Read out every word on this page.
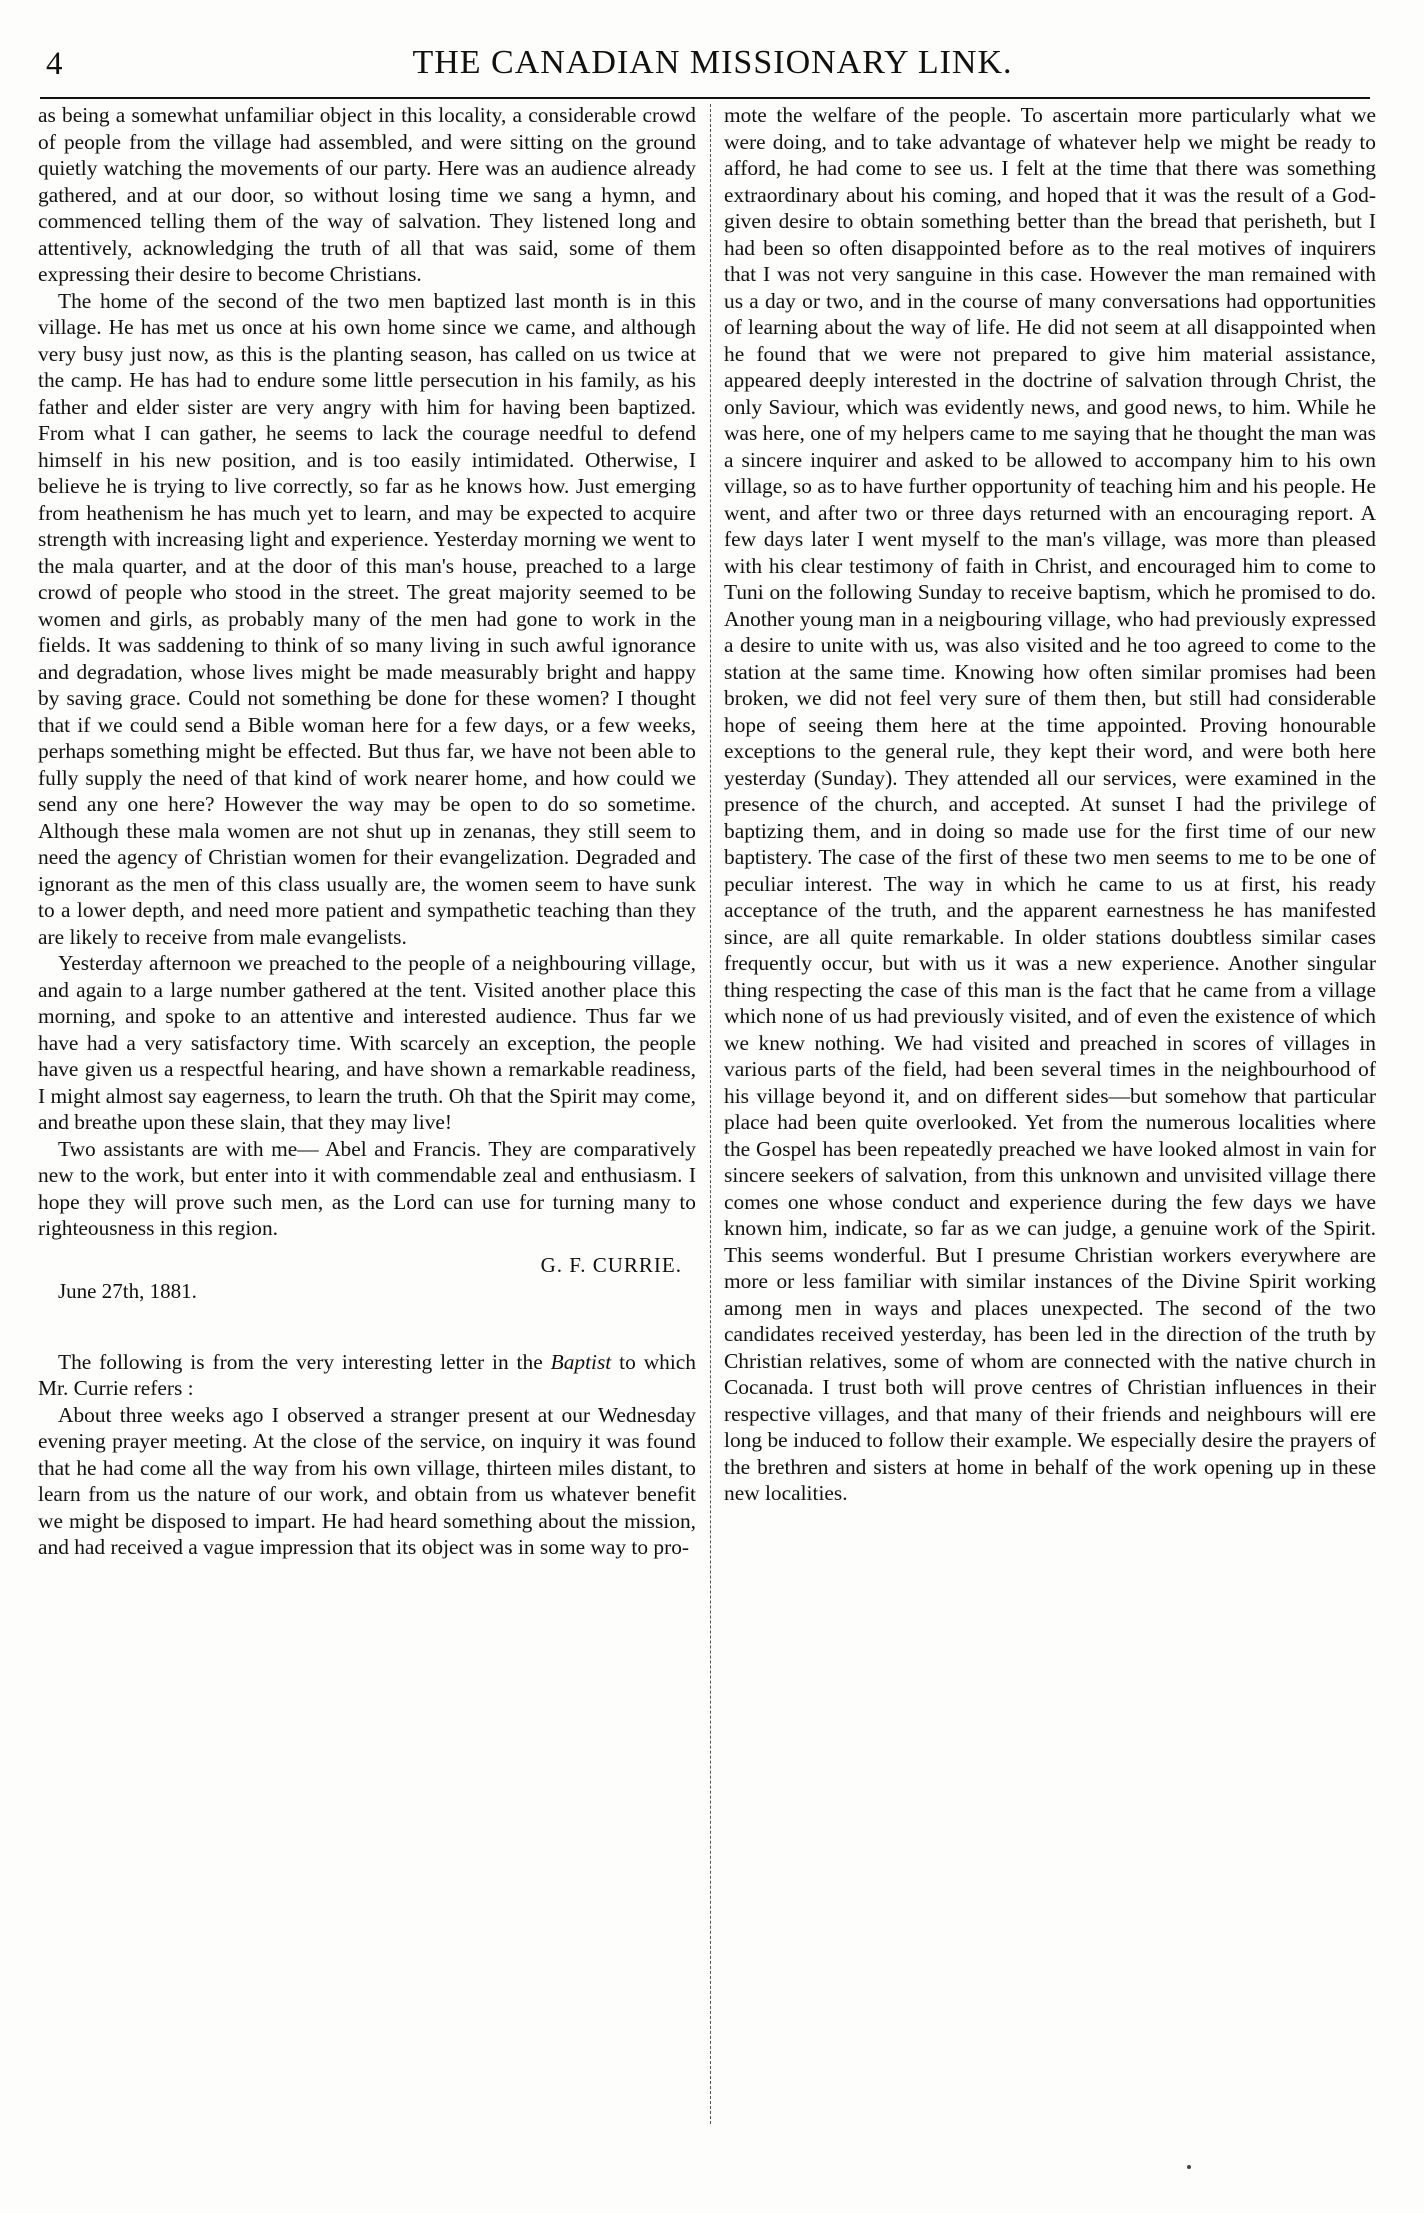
4	THE CANADIAN MISSIONARY LINK.

as being a somewhat unfamiliar object in this locality, a considerable crowd of people from the village had assembled, and were sitting on the ground quietly watching the movements of our party. Here was an audience already gathered, and at our door, so without losing time we sang a hymn, and commenced telling them of the way of salvation. They listened long and attentively, acknowledging the truth of all that was said, some of them expressing their desire to become Christians.

The home of the second of the two men baptized last month is in this village. He has met us once at his own home since we came, and although very busy just now, as this is the planting season, has called on us twice at the camp. He has had to endure some little persecution in his family, as his father and elder sister are very angry with him for having been baptized. From what I can gather, he seems to lack the courage needful to defend himself in his new position, and is too easily intimidated. Otherwise, I believe he is trying to live correctly, so far as he knows how. Just emerging from heathenism he has much yet to learn, and may be expected to acquire strength with increasing light and experience. Yesterday morning we went to the mala quarter, and at the door of this man's house, preached to a large crowd of people who stood in the street. The great majority seemed to be women and girls, as probably many of the men had gone to work in the fields. It was saddening to think of so many living in such awful ignorance and degradation, whose lives might be made measurably bright and happy by saving grace. Could not something be done for these women? I thought that if we could send a Bible woman here for a few days, or a few weeks, perhaps something might be effected. But thus far, we have not been able to fully supply the need of that kind of work nearer home, and how could we send any one here? However the way may be open to do so sometime. Although these mala women are not shut up in zenanas, they still seem to need the agency of Christian women for their evangelization. Degraded and ignorant as the men of this class usually are, the women seem to have sunk to a lower depth, and need more patient and sympathetic teaching than they are likely to receive from male evangelists.

Yesterday afternoon we preached to the people of a neighbouring village, and again to a large number gathered at the tent. Visited another place this morning, and spoke to an attentive and interested audience. Thus far we have had a very satisfactory time. With scarcely an exception, the people have given us a respectful hearing, and have shown a remarkable readiness, I might almost say eagerness, to learn the truth. Oh that the Spirit may come, and breathe upon these slain, that they may live!

Two assistants are with me— Abel and Francis. They are comparatively new to the work, but enter into it with commendable zeal and enthusiasm. I hope they will prove such men, as the Lord can use for turning many to righteousness in this region.

G. F. CURRIE.

June 27th, 1881.

The following is from the very interesting letter in the Baptist to which Mr. Currie refers :

About three weeks ago I observed a stranger present at our Wednesday evening prayer meeting. At the close of the service, on inquiry it was found that he had come all the way from his own village, thirteen miles distant, to learn from us the nature of our work, and obtain from us whatever benefit we might be disposed to impart. He had heard something about the mission, and had received a vague impression that its object was in some way to pro-

mote the welfare of the people. To ascertain more particularly what we were doing, and to take advantage of whatever help we might be ready to afford, he had come to see us. I felt at the time that there was something extraordinary about his coming, and hoped that it was the result of a God-given desire to obtain something better than the bread that perisheth, but I had been so often disappointed before as to the real motives of inquirers that I was not very sanguine in this case. However the man remained with us a day or two, and in the course of many conversations had opportunities of learning about the way of life. He did not seem at all disappointed when he found that we were not prepared to give him material assistance, appeared deeply interested in the doctrine of salvation through Christ, the only Saviour, which was evidently news, and good news, to him. While he was here, one of my helpers came to me saying that he thought the man was a sincere inquirer and asked to be allowed to accompany him to his own village, so as to have further opportunity of teaching him and his people. He went, and after two or three days returned with an encouraging report. A few days later I went myself to the man's village, was more than pleased with his clear testimony of faith in Christ, and encouraged him to come to Tuni on the following Sunday to receive baptism, which he promised to do. Another young man in a neigbouring village, who had previously expressed a desire to unite with us, was also visited and he too agreed to come to the station at the same time. Knowing how often similar promises had been broken, we did not feel very sure of them then, but still had considerable hope of seeing them here at the time appointed. Proving honourable exceptions to the general rule, they kept their word, and were both here yesterday (Sunday). They attended all our services, were examined in the presence of the church, and accepted. At sunset I had the privilege of baptizing them, and in doing so made use for the first time of our new baptistery. The case of the first of these two men seems to me to be one of peculiar interest. The way in which he came to us at first, his ready acceptance of the truth, and the apparent earnestness he has manifested since, are all quite remarkable. In older stations doubtless similar cases frequently occur, but with us it was a new experience. Another singular thing respecting the case of this man is the fact that he came from a village which none of us had previously visited, and of even the existence of which we knew nothing. We had visited and preached in scores of villages in various parts of the field, had been several times in the neighbourhood of his village beyond it, and on different sides—but somehow that particular place had been quite overlooked. Yet from the numerous localities where the Gospel has been repeatedly preached we have looked almost in vain for sincere seekers of salvation, from this unknown and unvisited village there comes one whose conduct and experience during the few days we have known him, indicate, so far as we can judge, a genuine work of the Spirit. This seems wonderful. But I presume Christian workers everywhere are more or less familiar with similar instances of the Divine Spirit working among men in ways and places unexpected. The second of the two candidates received yesterday, has been led in the direction of the truth by Christian relatives, some of whom are connected with the native church in Cocanada. I trust both will prove centres of Christian influences in their respective villages, and that many of their friends and neighbours will ere long be induced to follow their example. We especially desire the prayers of the brethren and sisters at home in behalf of the work opening up in these new localities.
